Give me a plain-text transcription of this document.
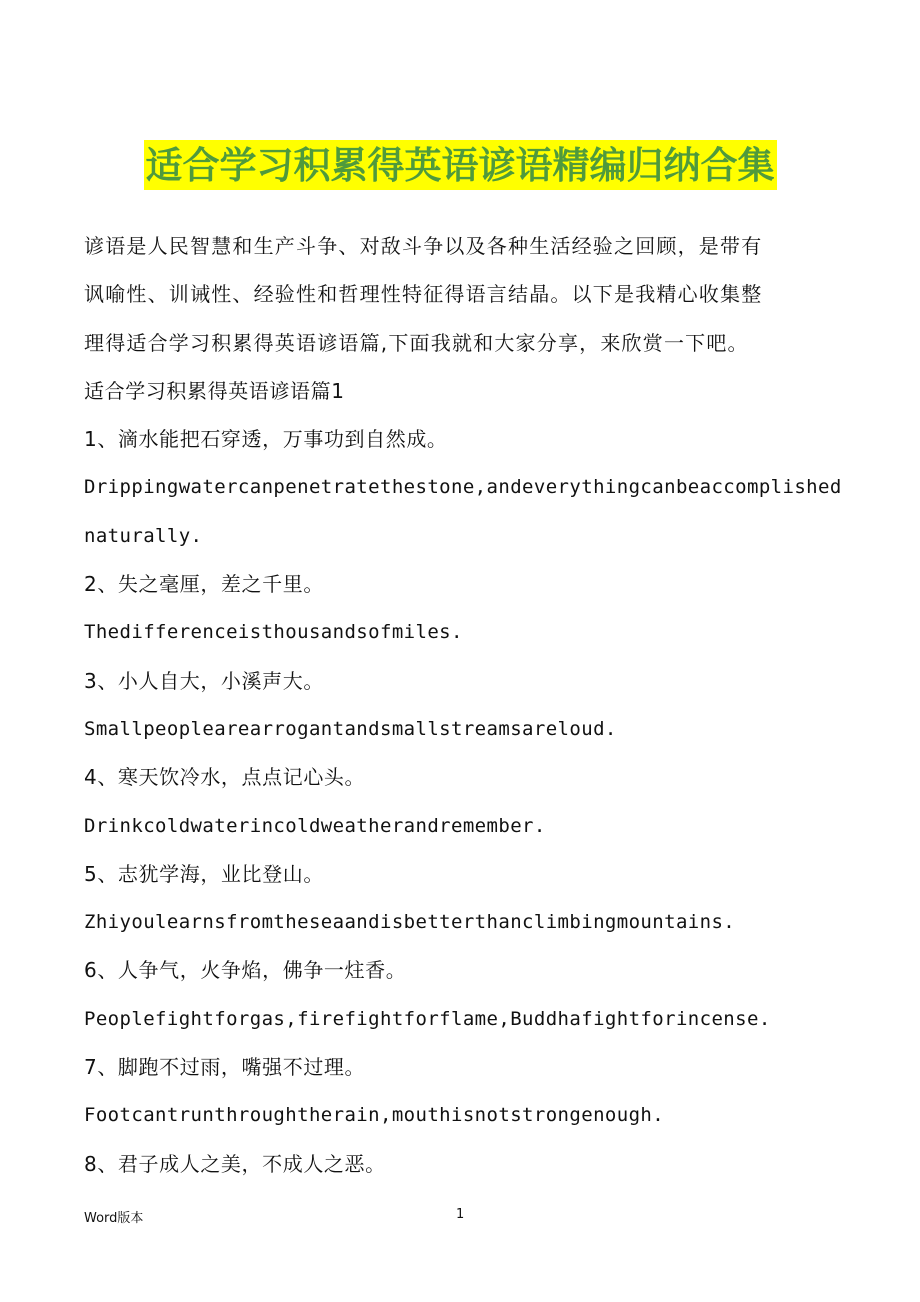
适合学习积累得英语谚语精编归纳合集
谚语是人民智慧和生产斗争、对敌斗争以及各种生活经验之回顾，是带有
讽喻性、训诫性、经验性和哲理性特征得语言结晶。以下是我精心收集整
理得适合学习积累得英语谚语篇,下面我就和大家分享，来欣赏一下吧。
适合学习积累得英语谚语篇1
1、滴水能把石穿透，万事功到自然成。
Drippingwatercanpenetratethestone,andeverythingcanbeaccomplished
naturally.
2、失之毫厘，差之千里。
Thedifferenceisthousandsofmiles.
3、小人自大，小溪声大。
Smallpeoplearearrogantandsmallstreamsareloud.
4、寒天饮冷水，点点记心头。
Drinkcoldwaterincoldweatherandremember.
5、志犹学海，业比登山。
Zhiyoulearnsfromtheseaandisbetterthanclimbingmountains.
6、人争气，火争焰，佛争一炷香。
Peoplefightforgas,firefightforflame,Buddhafightforincense.
7、脚跑不过雨，嘴强不过理。
Footcantrunthroughtherain,mouthisnotstrongenough.
8、君子成人之美，不成人之恶。
Word版本	1
